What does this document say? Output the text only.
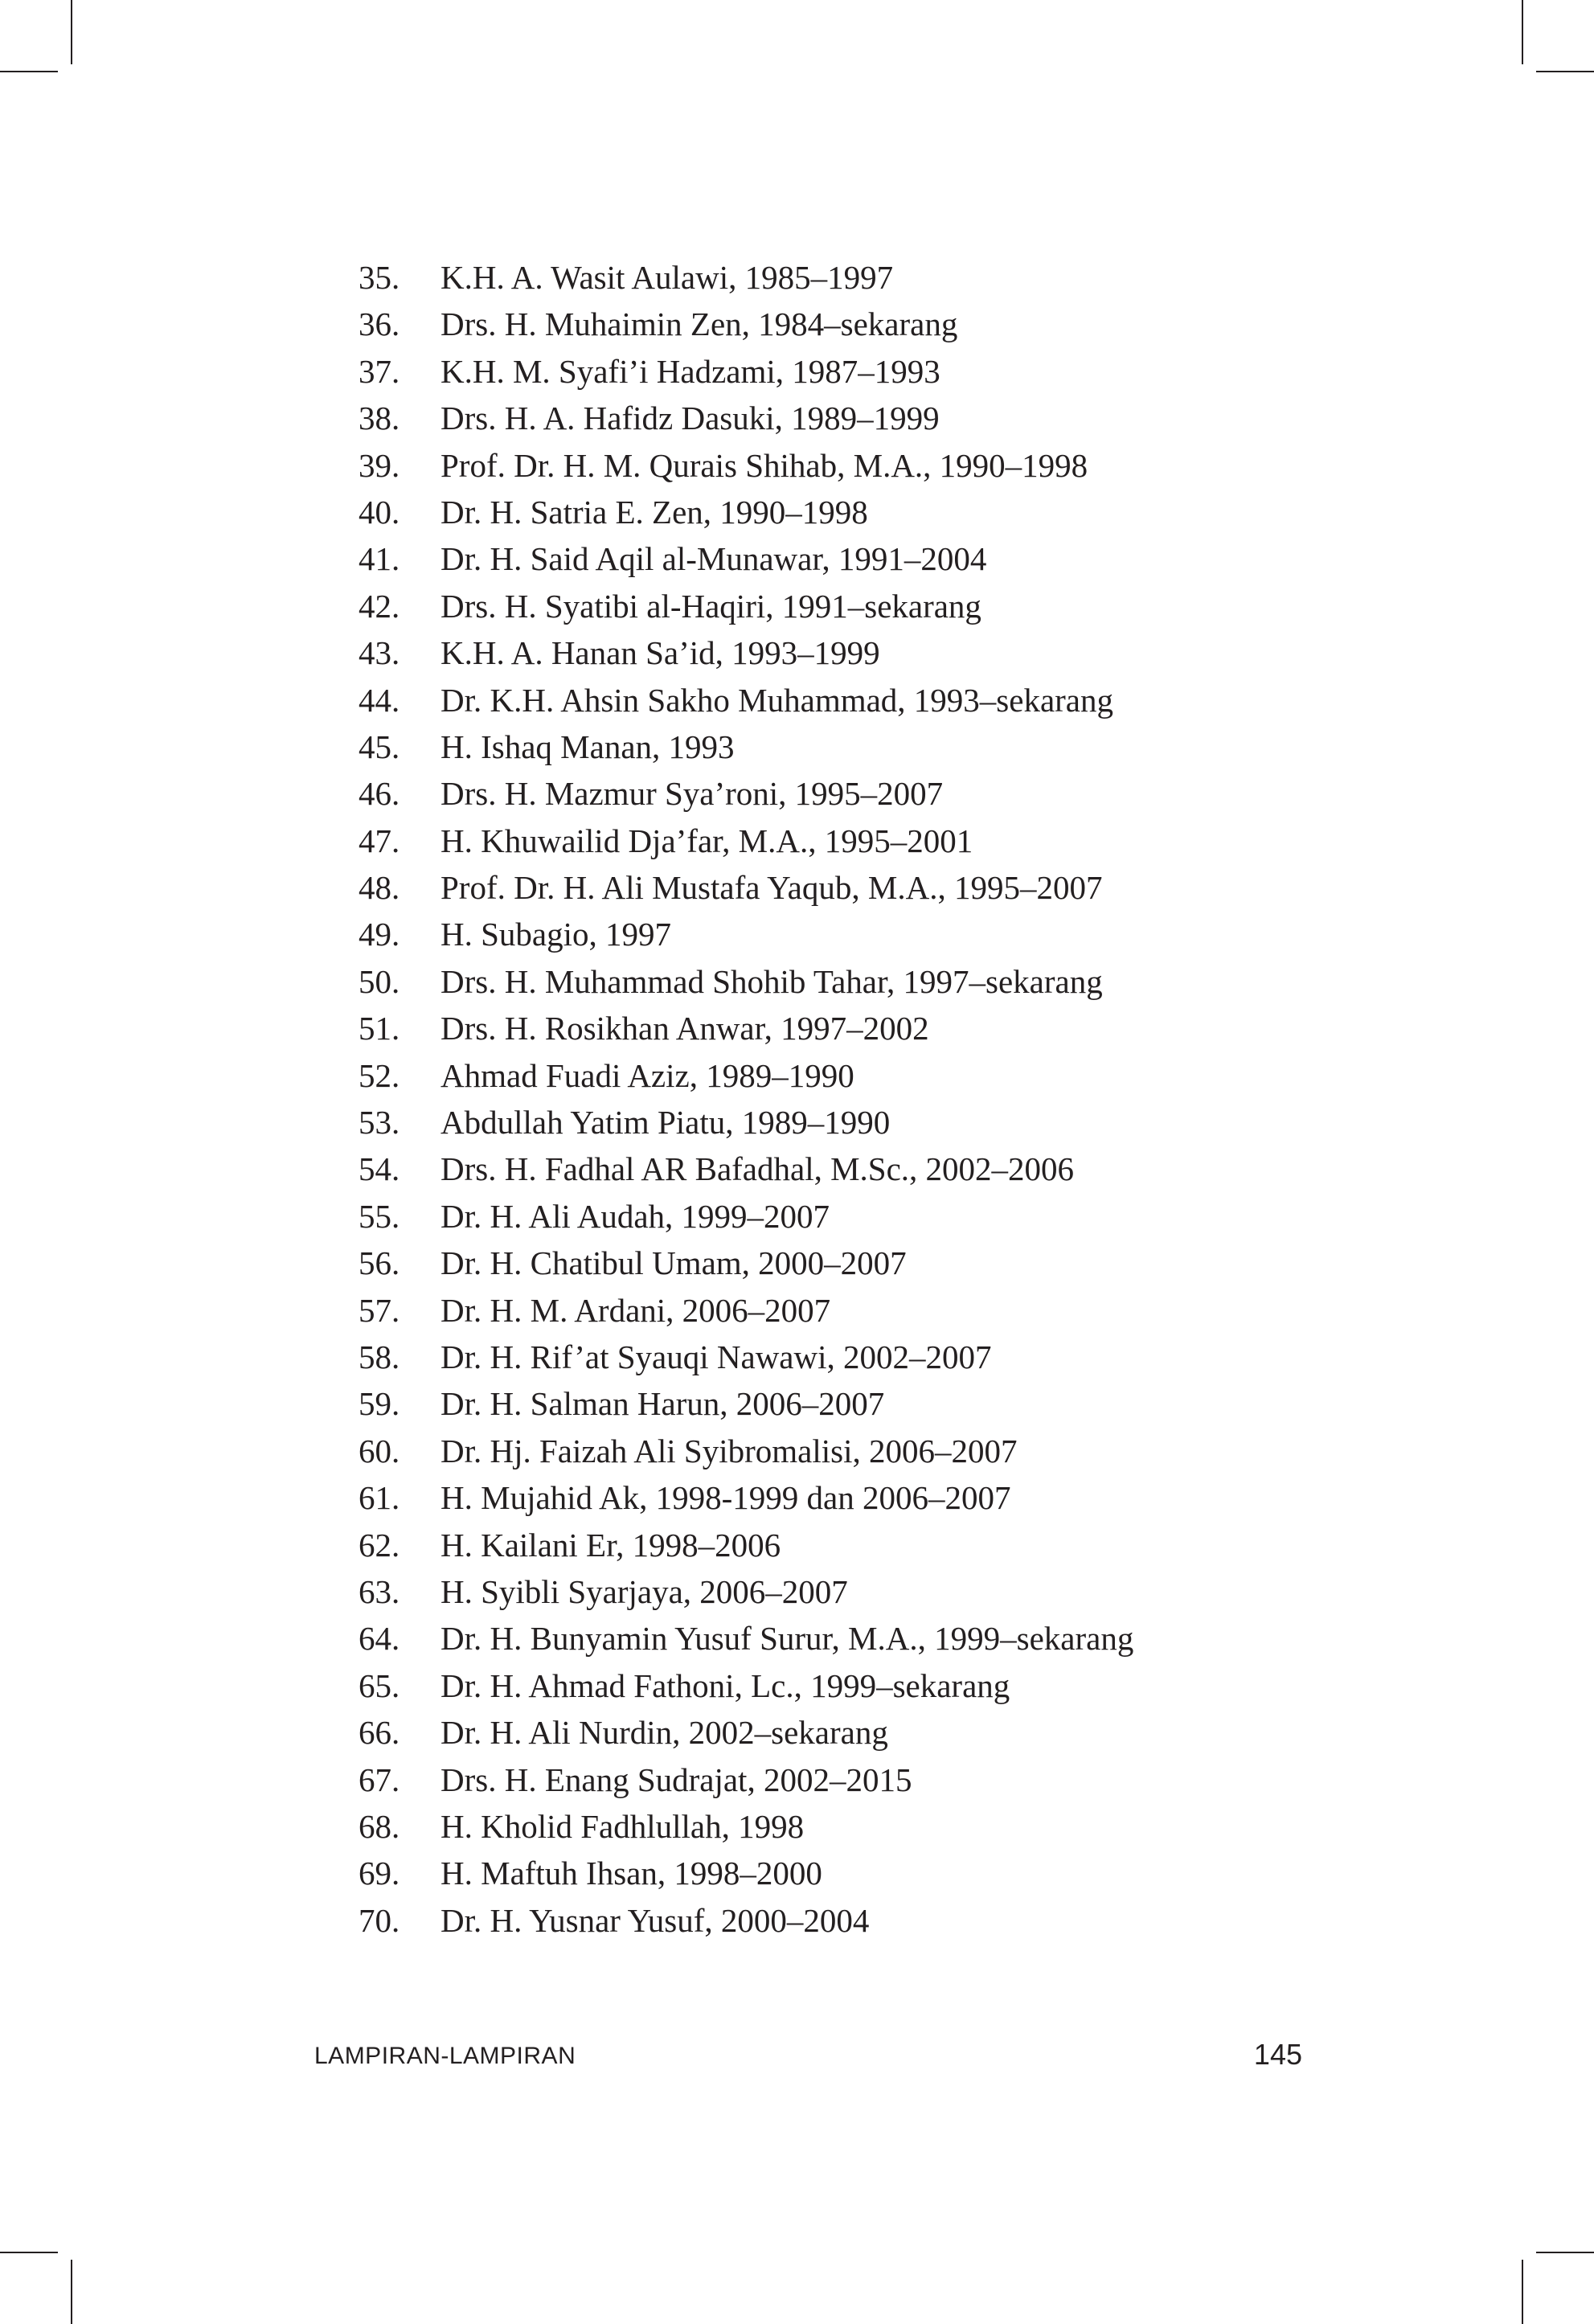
35.	K.H. A. Wasit Aulawi, 1985–1997
36.	Drs. H. Muhaimin Zen, 1984–sekarang
37.	K.H. M. Syafi’i Hadzami, 1987–1993
38.	Drs. H. A. Hafidz Dasuki, 1989–1999
39.	Prof. Dr. H. M. Qurais Shihab, M.A., 1990–1998
40.	Dr. H. Satria E. Zen, 1990–1998
41.	Dr. H. Said Aqil al-Munawar, 1991–2004
42.	Drs. H. Syatibi al-Haqiri, 1991–sekarang
43.	K.H. A. Hanan Sa’id, 1993–1999
44.	Dr. K.H. Ahsin Sakho Muhammad, 1993–sekarang
45.	H. Ishaq Manan, 1993
46.	Drs. H. Mazmur Sya’roni, 1995–2007
47.	H. Khuwailid Dja’far, M.A., 1995–2001
48.	Prof. Dr. H. Ali Mustafa Yaqub, M.A., 1995–2007
49.	H. Subagio, 1997
50.	Drs. H. Muhammad Shohib Tahar, 1997–sekarang
51.	Drs. H. Rosikhan Anwar, 1997–2002
52.	Ahmad Fuadi Aziz, 1989–1990
53.	Abdullah Yatim Piatu, 1989–1990
54.	Drs. H. Fadhal AR Bafadhal, M.Sc., 2002–2006
55.	Dr. H. Ali Audah, 1999–2007
56.	Dr. H. Chatibul Umam, 2000–2007
57.	Dr. H. M. Ardani, 2006–2007
58.	Dr. H. Rif’at Syauqi Nawawi, 2002–2007
59.	Dr. H. Salman Harun, 2006–2007
60.	Dr. Hj. Faizah Ali Syibromalisi, 2006–2007
61.	H. Mujahid Ak, 1998-1999 dan 2006–2007
62.	H. Kailani Er, 1998–2006
63.	H. Syibli Syarjaya, 2006–2007
64.	Dr. H. Bunyamin Yusuf Surur, M.A., 1999–sekarang
65.	Dr. H. Ahmad Fathoni, Lc., 1999–sekarang
66.	Dr. H. Ali Nurdin, 2002–sekarang
67.	Drs. H. Enang Sudrajat, 2002–2015
68.	H. Kholid Fadhlullah, 1998
69.	H. Maftuh Ihsan, 1998–2000
70.	Dr. H. Yusnar Yusuf, 2000–2004
LAMPIRAN-LAMPIRAN	145
